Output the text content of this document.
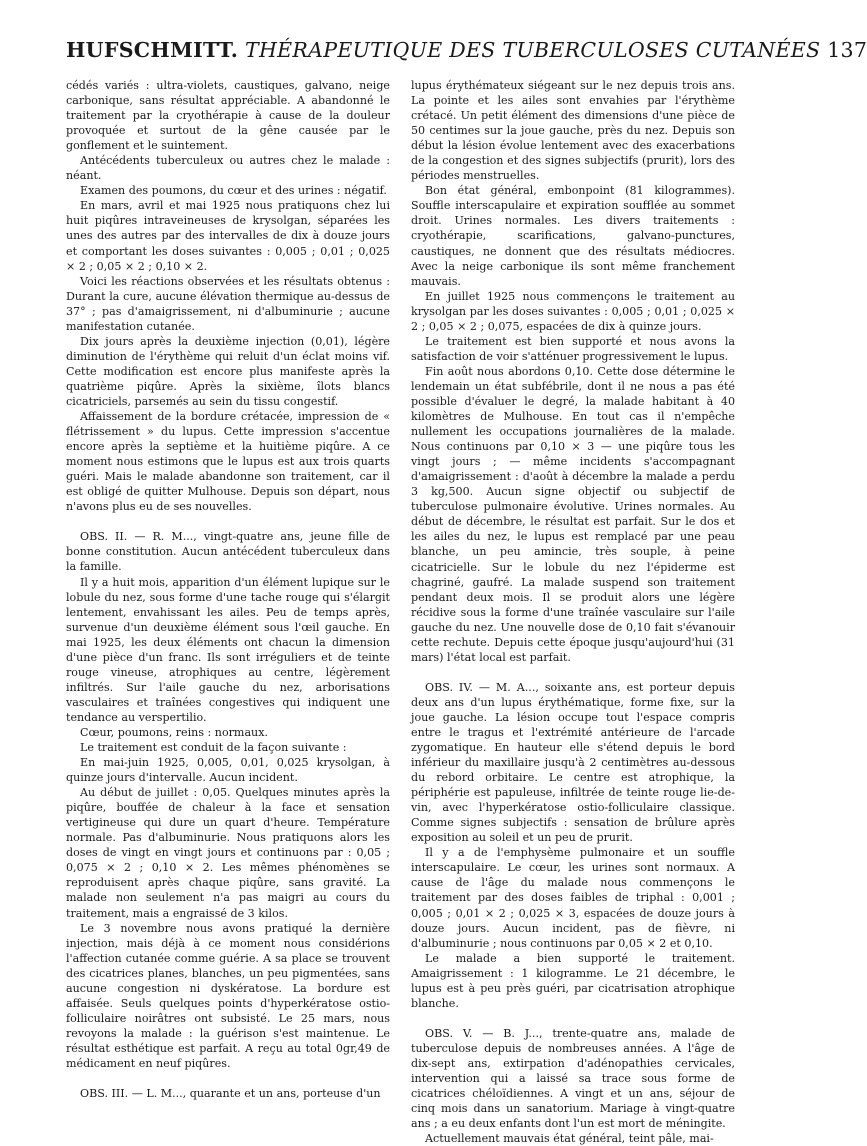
HUFSCHMITT. THÉRAPEUTIQUE DES TUBERCULOSES CUTANÉES 137

cédés variés : ultra-violets, caustiques, galvano, neige carbonique, sans résultat appréciable. A abandonné le traitement par la cryothérapie à cause de la douleur provoquée et surtout de la gêne causée par le gonflement et le suintement.

Antécédents tuberculeux ou autres chez le malade : néant.

Examen des poumons, du cœur et des urines : négatif.

En mars, avril et mai 1925 nous pratiquons chez lui huit piqûres intraveineuses de krysolgan, séparées les unes des autres par des intervalles de dix à douze jours et comportant les doses suivantes : 0,005 ; 0,01 ; 0,025 × 2 ; 0,05 × 2 ; 0,10 × 2.

Voici les réactions observées et les résultats obtenus : Durant la cure, aucune élévation thermique au-dessus de 37° ; pas d'amaigrissement, ni d'albuminurie ; aucune manifestation cutanée.

Dix jours après la deuxième injection (0,01), légère diminution de l'érythème qui reluit d'un éclat moins vif. Cette modification est encore plus manifeste après la quatrième piqûre. Après la sixième, îlots blancs cicatriciels, parsemés au sein du tissu congestif.

Affaissement de la bordure crétacée, impression de « flétrissement » du lupus. Cette impression s'accentue encore après la septième et la huitième piqûre. A ce moment nous estimons que le lupus est aux trois quarts guéri. Mais le malade abandonne son traitement, car il est obligé de quitter Mulhouse. Depuis son départ, nous n'avons plus eu de ses nouvelles.

OBS. II. — R. M..., vingt-quatre ans, jeune fille de bonne constitution. Aucun antécédent tuberculeux dans la famille.

Il y a huit mois, apparition d'un élément lupique sur le lobule du nez, sous forme d'une tache rouge qui s'élargit lentement, envahissant les ailes. Peu de temps après, survenue d'un deuxième élément sous l'œil gauche. En mai 1925, les deux éléments ont chacun la dimension d'une pièce d'un franc. Ils sont irréguliers et de teinte rouge vineuse, atrophiques au centre, légèrement infiltrés. Sur l'aile gauche du nez, arborisations vasculaires et traînées congestives qui indiquent une tendance au verspertilio.

Cœur, poumons, reins : normaux.

Le traitement est conduit de la façon suivante :

En mai-juin 1925, 0,005, 0,01, 0,025 krysolgan, à quinze jours d'intervalle. Aucun incident.

Au début de juillet : 0,05. Quelques minutes après la piqûre, bouffée de chaleur à la face et sensation vertigineuse qui dure un quart d'heure. Température normale. Pas d'albuminurie. Nous pratiquons alors les doses de vingt en vingt jours et continuons par : 0,05 ; 0,075 × 2 ; 0,10 × 2. Les mêmes phénomènes se reproduisent après chaque piqûre, sans gravité. La malade non seulement n'a pas maigri au cours du traitement, mais a engraissé de 3 kilos.

Le 3 novembre nous avons pratiqué la dernière injection, mais déjà à ce moment nous considérions l'affection cutanée comme guérie. A sa place se trouvent des cicatrices planes, blanches, un peu pigmentées, sans aucune congestion ni dyskératose. La bordure est affaisée. Seuls quelques points d'hyperkératose ostio-folliculaire noirâtres ont subsisté. Le 25 mars, nous revoyons la malade : la guérison s'est maintenue. Le résultat esthétique est parfait. A reçu au total 0gr,49 de médicament en neuf piqûres.

OBS. III. — L. M..., quarante et un ans, porteuse d'un

lupus érythémateux siégeant sur le nez depuis trois ans. La pointe et les ailes sont envahies par l'érythème crétacé. Un petit élément des dimensions d'une pièce de 50 centimes sur la joue gauche, près du nez. Depuis son début la lésion évolue lentement avec des exacerbations de la congestion et des signes subjectifs (prurit), lors des périodes menstruelles.

Bon état général, embonpoint (81 kilogrammes). Souffle interscapulaire et expiration soufflée au sommet droit. Urines normales. Les divers traitements : cryothérapie, scarifications, galvano-punctures, caustiques, ne donnent que des résultats médiocres. Avec la neige carbonique ils sont même franchement mauvais.

En juillet 1925 nous commençons le traitement au krysolgan par les doses suivantes : 0,005 ; 0,01 ; 0,025 × 2 ; 0,05 × 2 ; 0,075, espacées de dix à quinze jours.

Le traitement est bien supporté et nous avons la satisfaction de voir s'atténuer progressivement le lupus.

Fin août nous abordons 0,10. Cette dose détermine le lendemain un état subfébrile, dont il ne nous a pas été possible d'évaluer le degré, la malade habitant à 40 kilomètres de Mulhouse. En tout cas il n'empêche nullement les occupations journalières de la malade. Nous continuons par 0,10 × 3 — une piqûre tous les vingt jours ; — même incidents s'accompagnant d'amaigrissement : d'août à décembre la malade a perdu 3 kg,500. Aucun signe objectif ou subjectif de tuberculose pulmonaire évolutive. Urines normales. Au début de décembre, le résultat est parfait. Sur le dos et les ailes du nez, le lupus est remplacé par une peau blanche, un peu amincie, très souple, à peine cicatricielle. Sur le lobule du nez l'épiderme est chagriné, gaufré. La malade suspend son traitement pendant deux mois. Il se produit alors une légère récidive sous la forme d'une traînée vasculaire sur l'aile gauche du nez. Une nouvelle dose de 0,10 fait s'évanouir cette rechute. Depuis cette époque jusqu'aujourd'hui (31 mars) l'état local est parfait.

OBS. IV. — M. A..., soixante ans, est porteur depuis deux ans d'un lupus érythématique, forme fixe, sur la joue gauche. La lésion occupe tout l'espace compris entre le tragus et l'extrémité antérieure de l'arcade zygomatique. En hauteur elle s'étend depuis le bord inférieur du maxillaire jusqu'à 2 centimètres au-dessous du rebord orbitaire. Le centre est atrophique, la périphérie est papuleuse, infiltrée de teinte rouge lie-de-vin, avec l'hyperkératose ostio-folliculaire classique. Comme signes subjectifs : sensation de brûlure après exposition au soleil et un peu de prurit.

Il y a de l'emphysème pulmonaire et un souffle interscapulaire. Le cœur, les urines sont normaux. A cause de l'âge du malade nous commençons le traitement par des doses faibles de triphal : 0,001 ; 0,005 ; 0,01 × 2 ; 0,025 × 3, espacées de douze jours à douze jours. Aucun incident, pas de fièvre, ni d'albuminurie ; nous continuons par 0,05 × 2 et 0,10.

Le malade a bien supporté le traitement. Amaigrissement : 1 kilogramme. Le 21 décembre, le lupus est à peu près guéri, par cicatrisation atrophique blanche.

OBS. V. — B. J..., trente-quatre ans, malade de tuberculose depuis de nombreuses années. A l'âge de dix-sept ans, extirpation d'adénopathies cervicales, intervention qui a laissé sa trace sous forme de cicatrices chéloïdiennes. A vingt et un ans, séjour de cinq mois dans un sanatorium. Mariage à vingt-quatre ans ; a eu deux enfants dont l'un est mort de méningite.

Actuellement mauvais état général, teint pâle, mai-
